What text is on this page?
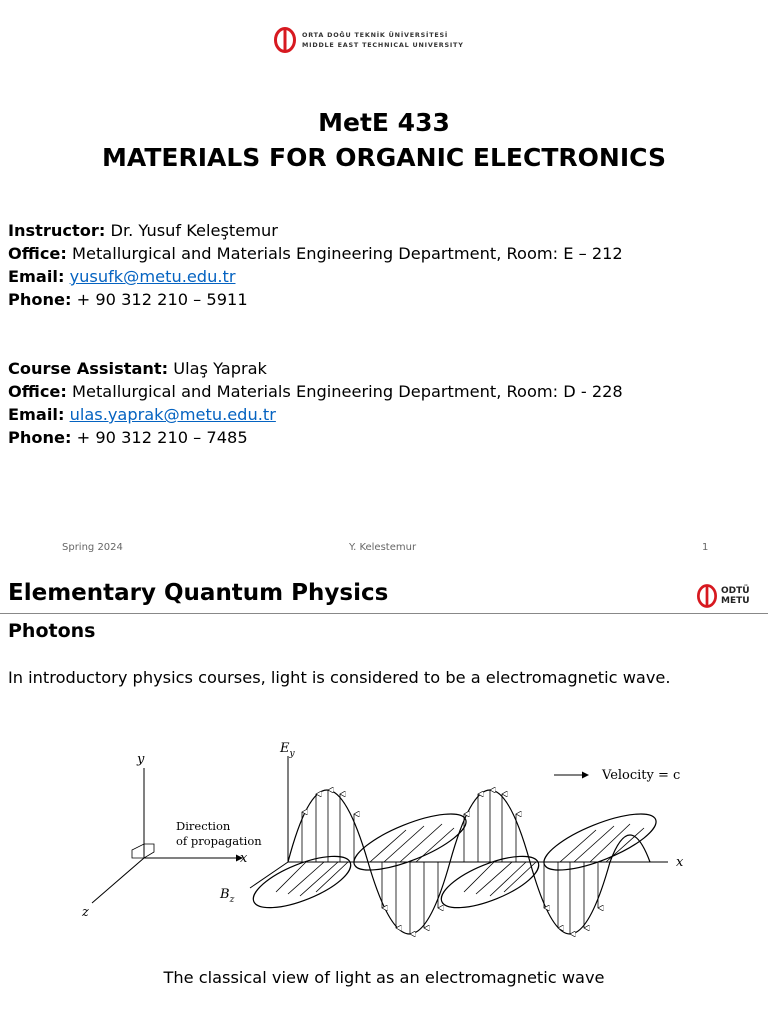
ORTA DOĞU TEKNİK ÜNİVERSİTESİ
MIDDLE EAST TECHNICAL UNIVERSITY
MetE 433
MATERIALS FOR ORGANIC ELECTRONICS
Instructor: Dr. Yusuf Keleştemur
Office: Metallurgical and Materials Engineering Department, Room: E – 212
Email: yusufk@metu.edu.tr
Phone: + 90 312 210 – 5911
Course Assistant: Ulaş Yaprak
Office: Metallurgical and Materials Engineering Department, Room: D - 228
Email: ulas.yaprak@metu.edu.tr
Phone: + 90 312 210 – 7485
Spring 2024	Y. Kelestemur	1
Elementary Quantum Physics	ODTÜ
METU
Photons
In introductory physics courses, light is considered to be a electromagnetic wave.
y
x
z
Direction
of propagation
$E_y$
$B_z$
x
Velocity = c
The classical view of light as an electromagnetic wave
